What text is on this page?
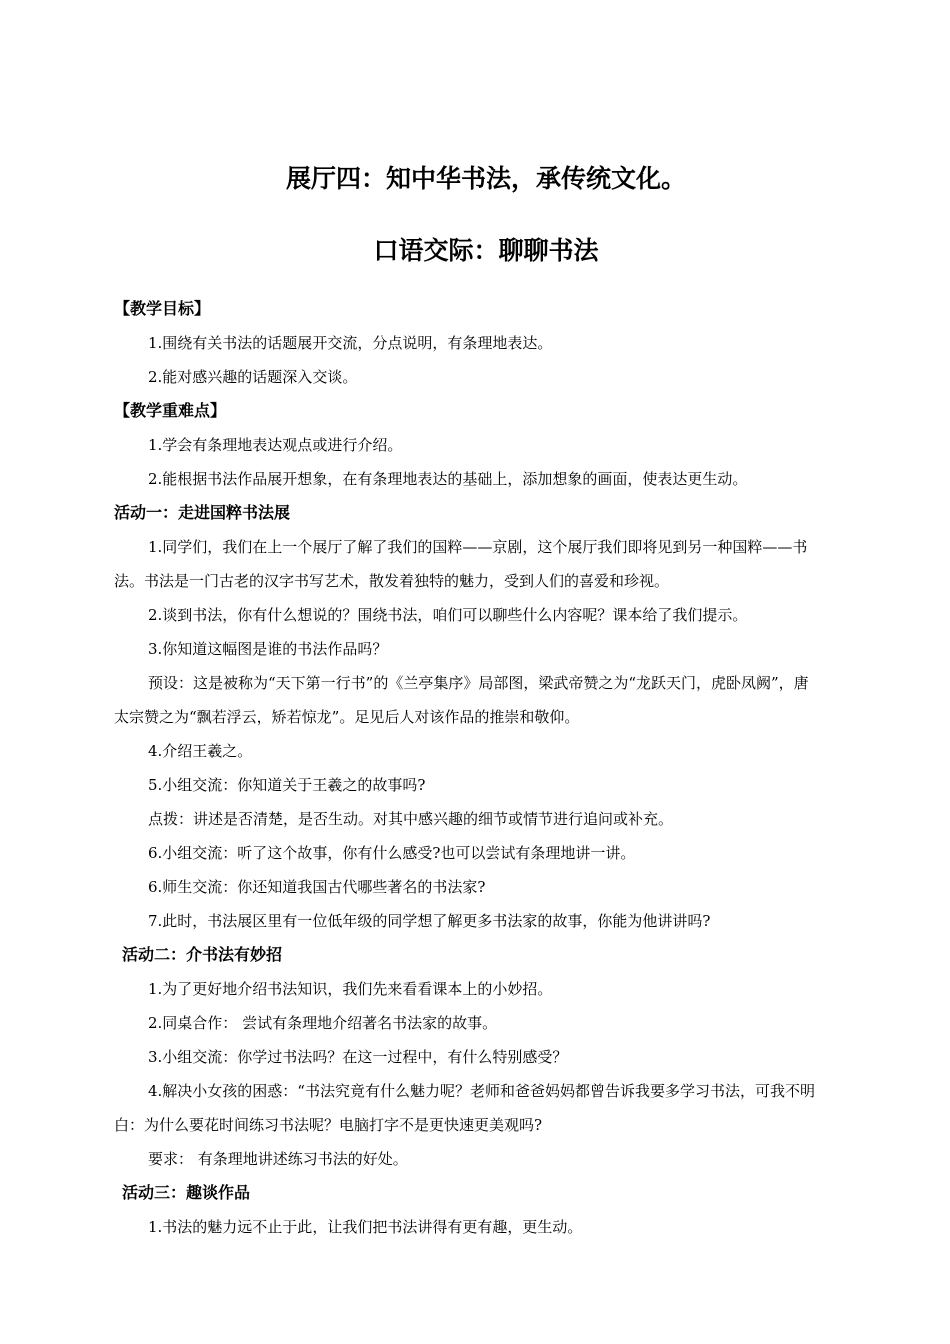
展厅四：知中华书法，承传统文化。
口语交际：聊聊书法

【教学目标】

1.围绕有关书法的话题展开交流，分点说明，有条理地表达。

2.能对感兴趣的话题深入交谈。

【教学重难点】

1.学会有条理地表达观点或进行介绍。

2.能根据书法作品展开想象，在有条理地表达的基础上，添加想象的画面，使表达更生动。

活动一：走进国粹书法展

1.同学们，我们在上一个展厅了解了我们的国粹——京剧，这个展厅我们即将见到另一种国粹——书法。书法是一门古老的汉字书写艺术，散发着独特的魅力，受到人们的喜爱和珍视。

2.谈到书法，你有什么想说的？围绕书法，咱们可以聊些什么内容呢？课本给了我们提示。

3.你知道这幅图是谁的书法作品吗？

预设：这是被称为“天下第一行书”的《兰亭集序》局部图，梁武帝赞之为“龙跃天门，虎卧凤阙”，唐太宗赞之为“飘若浮云，矫若惊龙”。足见后人对该作品的推崇和敬仰。

4.介绍王羲之。

5.小组交流：你知道关于王羲之的故事吗?

点拨：讲述是否清楚，是否生动。对其中感兴趣的细节或情节进行追问或补充。

6.小组交流：听了这个故事，你有什么感受?也可以尝试有条理地讲一讲。

6.师生交流：你还知道我国古代哪些著名的书法家?

7.此时，书法展区里有一位低年级的同学想了解更多书法家的故事，你能为他讲讲吗?

活动二：介书法有妙招

1.为了更好地介绍书法知识，我们先来看看课本上的小妙招。

2.同桌合作： 尝试有条理地介绍著名书法家的故事。

3.小组交流：你学过书法吗？在这一过程中，有什么特别感受？

4.解决小女孩的困惑：“书法究竟有什么魅力呢？老师和爸爸妈妈都曾告诉我要多学习书法，可我不明白：为什么要花时间练习书法呢？电脑打字不是更快速更美观吗?

要求： 有条理地讲述练习书法的好处。

活动三：趣谈作品

1.书法的魅力远不止于此，让我们把书法讲得有更有趣，更生动。
